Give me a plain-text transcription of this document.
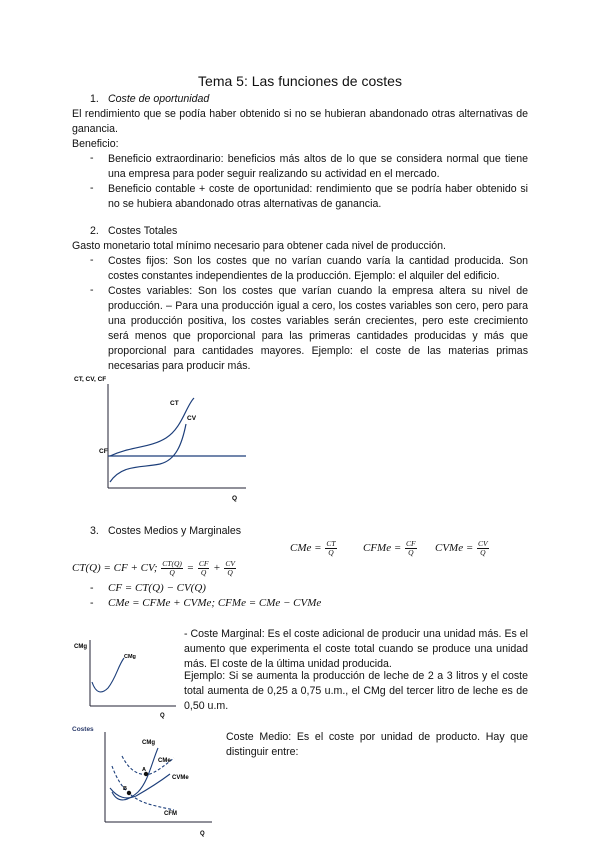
Tema 5: Las funciones de costes
1. Coste de oportunidad
El rendimiento que se podía haber obtenido si no se hubieran abandonado otras alternativas de ganancia.
Beneficio:
- Beneficio extraordinario: beneficios más altos de lo que se considera normal que tiene una empresa para poder seguir realizando su actividad en el mercado.
- Beneficio contable + coste de oportunidad: rendimiento que se podría haber obtenido si no se hubiera abandonado otras alternativas de ganancia.
2. Costes Totales
Gasto monetario total mínimo necesario para obtener cada nivel de producción.
- Costes fijos: Son los costes que no varían cuando varía la cantidad producida. Son costes constantes independientes de la producción. Ejemplo: el alquiler del edificio.
- Costes variables: Son los costes que varían cuando la empresa altera su nivel de producción. – Para una producción igual a cero, los costes variables son cero, pero para una producción positiva, los costes variables serán crecientes, pero este crecimiento será menos que proporcional para las primeras cantidades producidas y más que proporcional para cantidades mayores. Ejemplo: el coste de las materias primas necesarias para producir más.
CT, CV, CF
CT
CV
CF
Q
3. Costes Medios y Marginales
CMe = $\frac{CT}{Q}$ CFMe = $\frac{CF}{Q}$ CVMe = $\frac{CV}{Q}$
CT(Q) = CF + CV; $\frac{CT(Q)}{Q} = \frac{CF}{Q} + \frac{CV}{Q}$
- CF = CT(Q) − CV(Q)
- CMe = CFMe + CVMe; CFMe = CMe − CVMe
CMg
CMg
Q
- Coste Marginal: Es el coste adicional de producir una unidad más. Es el aumento que experimenta el coste total cuando se produce una unidad más. El coste de la última unidad producida.
Ejemplo: Si se aumenta la producción de leche de 2 a 3 litros y el coste total aumenta de 0,25 a 0,75 u.m., el CMg del tercer litro de leche es de 0,50 u.m.
Costes
CMg
CMe
CVMe
CFM
A
B
Q
Coste Medio: Es el coste por unidad de producto. Hay que distinguir entre:
